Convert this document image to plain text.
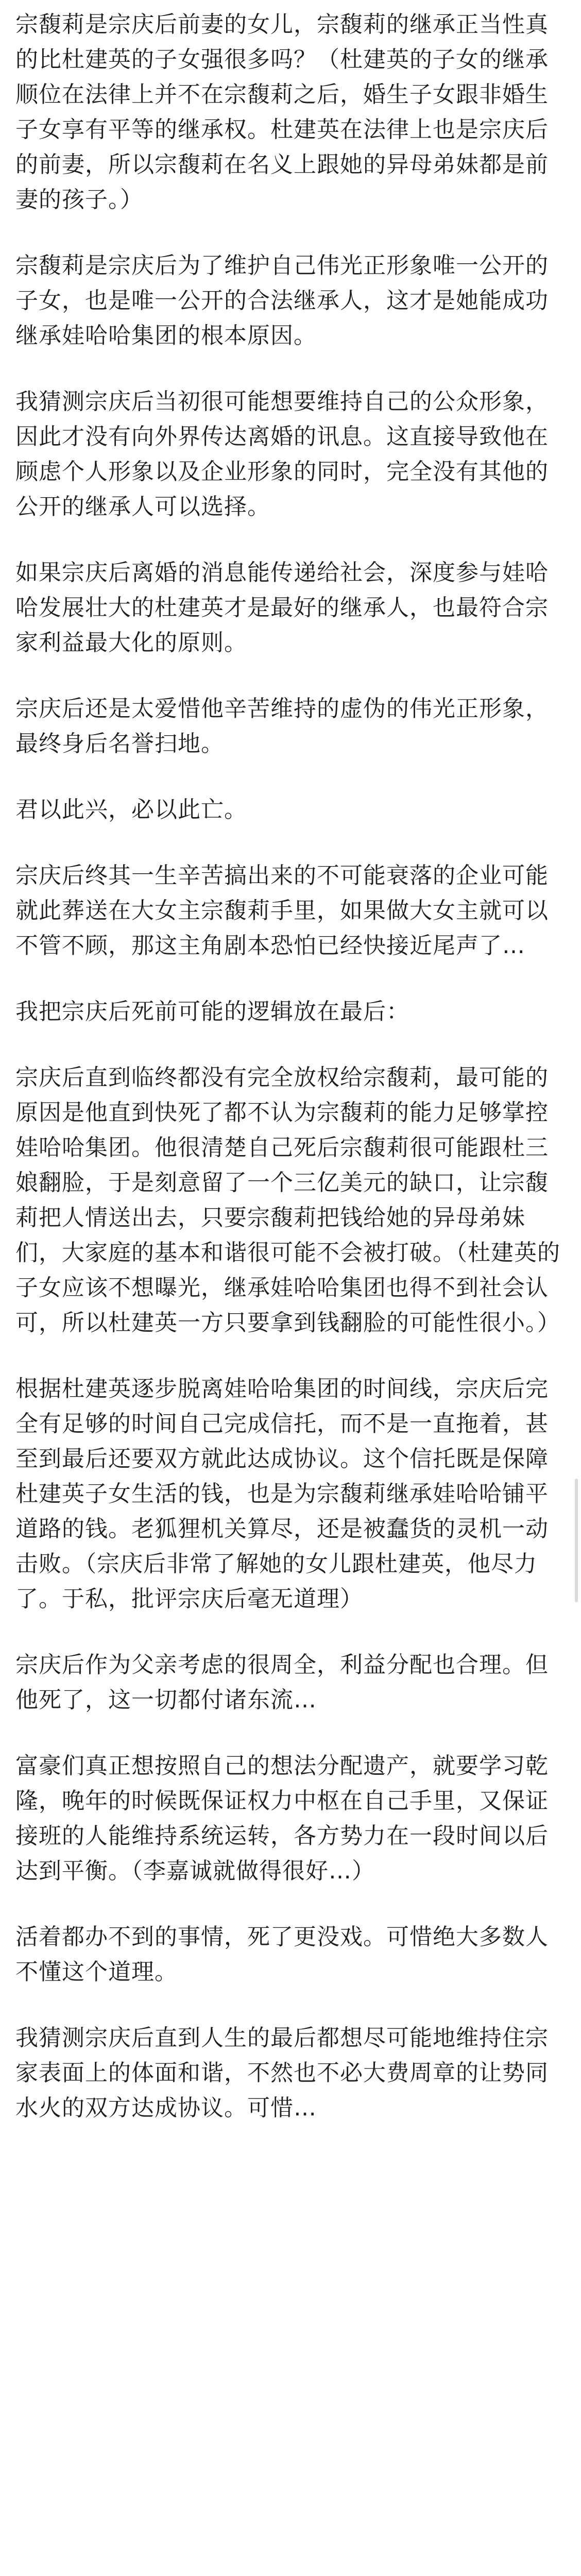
宗馥莉是宗庆后前妻的女儿，宗馥莉的继承正当性真的比杜建英的子女强很多吗？（杜建英的子女的继承顺位在法律上并不在宗馥莉之后，婚生子女跟非婚生子女享有平等的继承权。杜建英在法律上也是宗庆后的前妻，所以宗馥莉在名义上跟她的异母弟妹都是前妻的孩子。）

宗馥莉是宗庆后为了维护自己伟光正形象唯一公开的子女，也是唯一公开的合法继承人，这才是她能成功继承娃哈哈集团的根本原因。

我猜测宗庆后当初很可能想要维持自己的公众形象，因此才没有向外界传达离婚的讯息。这直接导致他在顾虑个人形象以及企业形象的同时，完全没有其他的公开的继承人可以选择。

如果宗庆后离婚的消息能传递给社会，深度参与娃哈哈发展壮大的杜建英才是最好的继承人，也最符合宗家利益最大化的原则。

宗庆后还是太爱惜他辛苦维持的虚伪的伟光正形象，最终身后名誉扫地。

君以此兴，必以此亡。

宗庆后终其一生辛苦搞出来的不可能衰落的企业可能就此葬送在大女主宗馥莉手里，如果做大女主就可以不管不顾，那这主角剧本恐怕已经快接近尾声了…

我把宗庆后死前可能的逻辑放在最后：

宗庆后直到临终都没有完全放权给宗馥莉，最可能的原因是他直到快死了都不认为宗馥莉的能力足够掌控娃哈哈集团。他很清楚自己死后宗馥莉很可能跟杜三娘翻脸，于是刻意留了一个三亿美元的缺口，让宗馥莉把人情送出去，只要宗馥莉把钱给她的异母弟妹们，大家庭的基本和谐很可能不会被打破。（杜建英的子女应该不想曝光，继承娃哈哈集团也得不到社会认可，所以杜建英一方只要拿到钱翻脸的可能性很小。）

根据杜建英逐步脱离娃哈哈集团的时间线，宗庆后完全有足够的时间自己完成信托，而不是一直拖着，甚至到最后还要双方就此达成协议。这个信托既是保障杜建英子女生活的钱，也是为宗馥莉继承娃哈哈铺平道路的钱。老狐狸机关算尽，还是被蠢货的灵机一动击败。（宗庆后非常了解她的女儿跟杜建英，他尽力了。于私，批评宗庆后毫无道理）

宗庆后作为父亲考虑的很周全，利益分配也合理。但他死了，这一切都付诸东流…

富豪们真正想按照自己的想法分配遗产，就要学习乾隆，晚年的时候既保证权力中枢在自己手里，又保证接班的人能维持系统运转，各方势力在一段时间以后达到平衡。（李嘉诚就做得很好…）

活着都办不到的事情，死了更没戏。可惜绝大多数人不懂这个道理。

我猜测宗庆后直到人生的最后都想尽可能地维持住宗家表面上的体面和谐，不然也不必大费周章的让势同水火的双方达成协议。可惜…
